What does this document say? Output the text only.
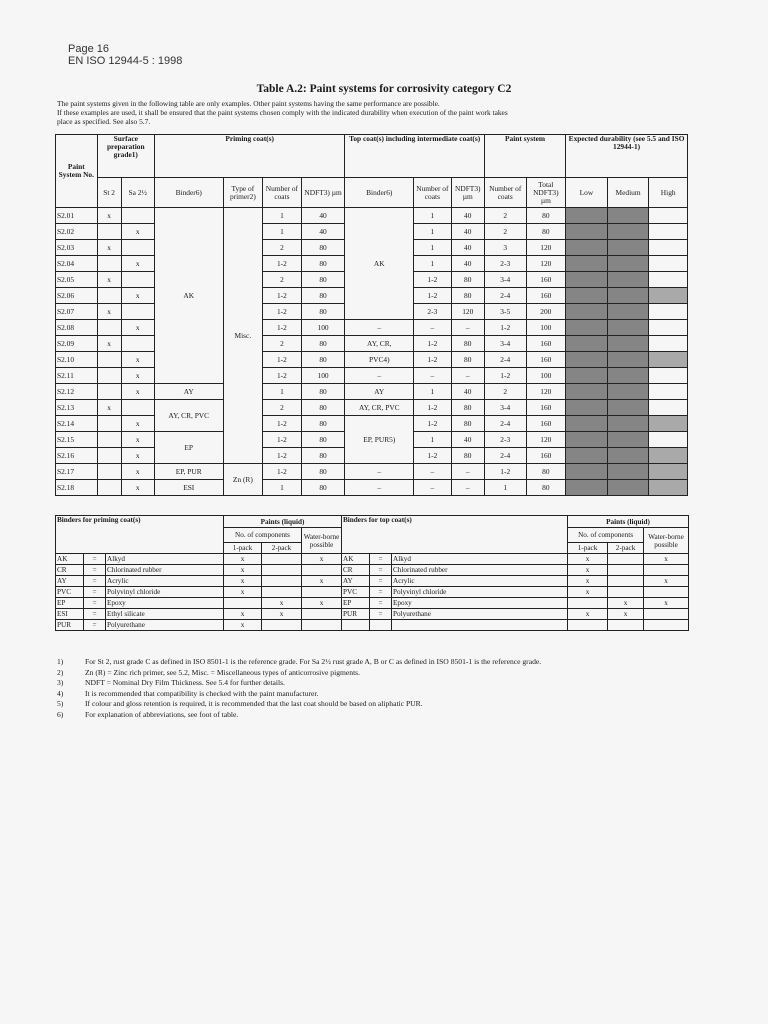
Page 16
EN ISO 12944-5 : 1998
Table A.2: Paint systems for corrosivity category C2
The paint systems given in the following table are only examples. Other paint systems having the same performance are possible.
If these examples are used, it shall be ensured that the paint systems chosen comply with the indicated durability when execution of the paint work takes
place as specified. See also 5.7.
Paint System No.	Surface preparation grade1)		Priming coat(s)				Top coat(s) including intermediate coat(s)			Paint system		Expected durability (see 5.5 and ISO 12944-1)		
	St 2	Sa 2½	Binder6)	Type of primer2)	Number of coats	NDFT3) µm	Binder6)	Number of coats	NDFT3) µm	Number of coats	Total NDFT3) µm	Low	Medium	High
S2.01	x		AK	Misc.	1	40	AK	1	40	2	80			
S2.02		x			1	40		1	40	2	80			
S2.03	x				2	80		1	40	3	120			
S2.04		x			1-2	80		1	40	2-3	120			
S2.05	x				2	80		1-2	80	3-4	160			
S2.06		x			1-2	80		1-2	80	2-4	160			
S2.07	x				1-2	80		2-3	120	3-5	200			
S2.08		x			1-2	100	–	–	–	1-2	100			
S2.09	x				2	80	AY, CR,	1-2	80	3-4	160			
S2.10		x			1-2	80	PVC4)	1-2	80	2-4	160			
S2.11		x			1-2	100	–	–	–	1-2	100			
S2.12		x	AY		1	80	AY	1	40	2	120			
S2.13	x		AY, CR, PVC		2	80	AY, CR, PVC	1-2	80	3-4	160			
S2.14		x			1-2	80	EP, PUR5)	1-2	80	2-4	160			
S2.15		x	EP		1-2	80		1	40	2-3	120			
S2.16		x			1-2	80		1-2	80	2-4	160			
S2.17		x	EP, PUR	Zn (R)	1-2	80	–	–	–	1-2	80			
S2.18		x	ESI		1	80	–	–	–	1	80			
Binders for priming coat(s)			Paints (liquid)			Binders for top coat(s)			Paints (liquid)		
			No. of components		Water-borne possible				No. of components		Water-borne possible
			1-pack	2-pack					1-pack	2-pack	
AK	=	Alkyd	x		x	AK	=	Alkyd	x		x
CR	=	Chlorinated rubber	x			CR	=	Chlorinated rubber	x		
AY	=	Acrylic	x		x	AY	=	Acrylic	x		x
PVC	=	Polyvinyl chloride	x			PVC	=	Polyvinyl chloride	x		
EP	=	Epoxy		x	x	EP	=	Epoxy		x	x
ESI	=	Ethyl silicate	x	x		PUR	=	Polyurethane	x	x	
PUR	=	Polyurethane	x								
1)	For St 2, rust grade C as defined in ISO 8501-1 is the reference grade. For Sa 2½ rust grade A, B or C as defined in ISO 8501-1 is the reference grade.
2)	Zn (R) = Zinc rich primer, see 5.2, Misc. = Miscellaneous types of anticorrosive pigments.
3)	NDFT = Nominal Dry Film Thickness. See 5.4 for further details.
4)	It is recommended that compatibility is checked with the paint manufacturer.
5)	If colour and gloss retention is required, it is recommended that the last coat should be based on aliphatic PUR.
6)	For explanation of abbreviations, see foot of table.
